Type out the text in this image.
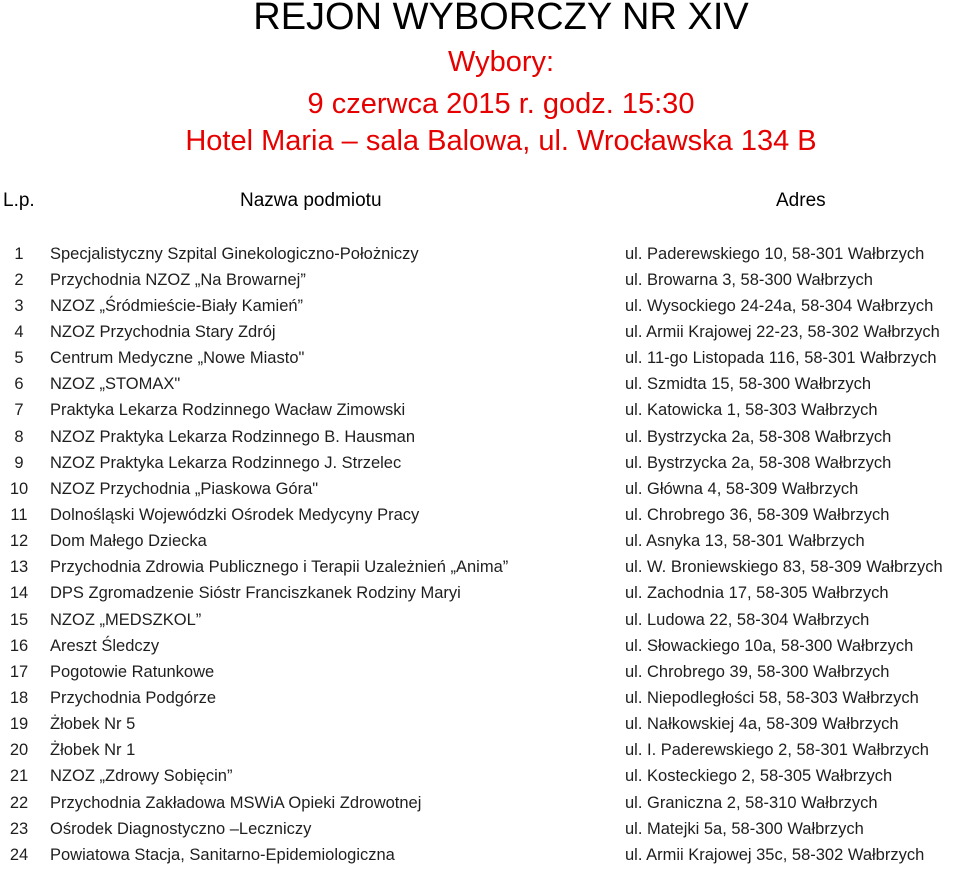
REJON WYBORCZY NR XIV
Wybory:
9 czerwca 2015 r. godz. 15:30
Hotel Maria – sala Balowa, ul. Wrocławska 134 B
L.p.	Nazwa podmiotu	Adres
1	Specjalistyczny Szpital Ginekologiczno-Położniczy	ul. Paderewskiego 10, 58-301 Wałbrzych
2	Przychodnia NZOZ „Na Browarnej”	ul. Browarna 3, 58-300 Wałbrzych
3	NZOZ „Śródmieście-Biały Kamień”	ul. Wysockiego 24-24a, 58-304 Wałbrzych
4	NZOZ Przychodnia Stary Zdrój	ul. Armii Krajowej 22-23, 58-302 Wałbrzych
5	Centrum Medyczne „Nowe Miasto"	ul. 11-go Listopada 116, 58-301 Wałbrzych
6	NZOZ „STOMAX"	ul. Szmidta 15, 58-300 Wałbrzych
7	Praktyka Lekarza Rodzinnego Wacław Zimowski	ul. Katowicka 1, 58-303 Wałbrzych
8	NZOZ Praktyka Lekarza Rodzinnego B. Hausman	ul. Bystrzycka 2a, 58-308 Wałbrzych
9	NZOZ Praktyka Lekarza Rodzinnego J. Strzelec	ul. Bystrzycka 2a, 58-308 Wałbrzych
10	NZOZ Przychodnia „Piaskowa Góra"	ul. Główna 4, 58-309 Wałbrzych
11	Dolnośląski Wojewódzki Ośrodek Medycyny Pracy	ul. Chrobrego 36, 58-309 Wałbrzych
12	Dom Małego Dziecka	ul. Asnyka 13, 58-301 Wałbrzych
13	Przychodnia Zdrowia Publicznego i Terapii Uzależnień „Anima”	ul. W. Broniewskiego 83, 58-309 Wałbrzych
14	DPS Zgromadzenie Sióstr Franciszkanek Rodziny Maryi	ul. Zachodnia 17, 58-305 Wałbrzych
15	NZOZ „MEDSZKOL”	ul. Ludowa 22, 58-304 Wałbrzych
16	Areszt Śledczy	ul. Słowackiego 10a, 58-300 Wałbrzych
17	Pogotowie Ratunkowe	ul. Chrobrego 39, 58-300 Wałbrzych
18	Przychodnia Podgórze	ul. Niepodległości 58, 58-303 Wałbrzych
19	Żłobek Nr 5	ul. Nałkowskiej 4a, 58-309 Wałbrzych
20	Żłobek Nr 1	ul. I. Paderewskiego 2, 58-301 Wałbrzych
21	NZOZ „Zdrowy Sobięcin”	ul. Kosteckiego 2, 58-305 Wałbrzych
22	Przychodnia Zakładowa MSWiA Opieki Zdrowotnej	ul. Graniczna 2, 58-310 Wałbrzych
23	Ośrodek Diagnostyczno –Leczniczy	ul. Matejki 5a, 58-300 Wałbrzych
24	Powiatowa Stacja, Sanitarno-Epidemiologiczna	ul. Armii Krajowej 35c, 58-302 Wałbrzych
